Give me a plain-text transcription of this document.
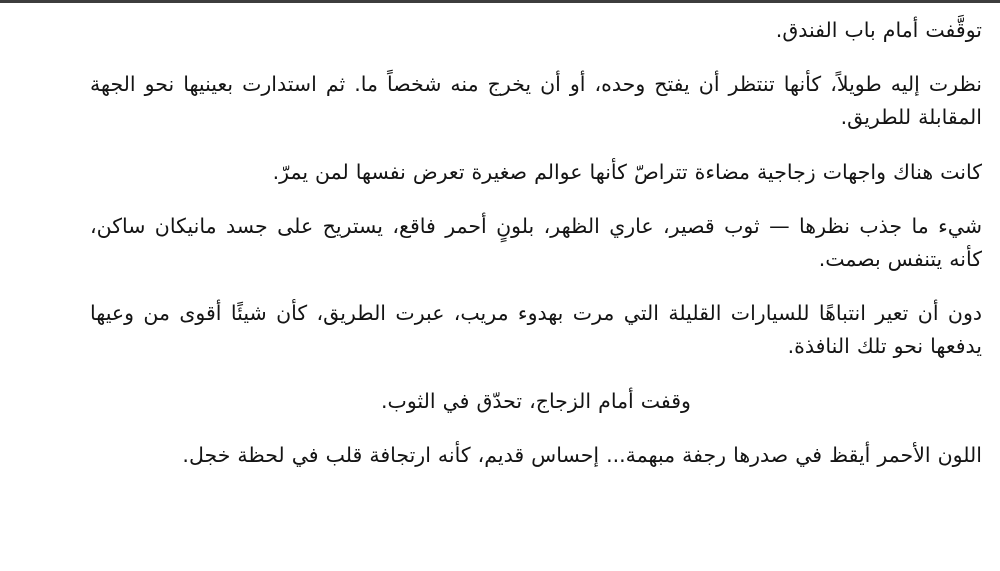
توقَّفت أمام باب الفندق.

نظرت إليه طويلاً، كأنها تنتظر أن يفتح وحده، أو أن يخرج منه شخصاً ما. ثم استدارت بعينيها نحو الجهة المقابلة للطريق.

كانت هناك واجهات زجاجية مضاءة تتراصّ كأنها عوالم صغيرة تعرض نفسها لمن يمرّ.

شيء ما جذب نظرها — ثوب قصير، عاري الظهر، بلونٍ أحمر فاقع، يستريح على جسد مانيكان ساكن، كأنه يتنفس بصمت.

دون أن تعير انتباهًا للسيارات القليلة التي مرت بهدوء مريب، عبرت الطريق، كأن شيئًا أقوى من وعيها يدفعها نحو تلك النافذة.

وقفت أمام الزجاج، تحدّق في الثوب.

اللون الأحمر أيقظ في صدرها رجفة مبهمة... إحساس قديم، كأنه ارتجافة قلب في لحظة خجل.
